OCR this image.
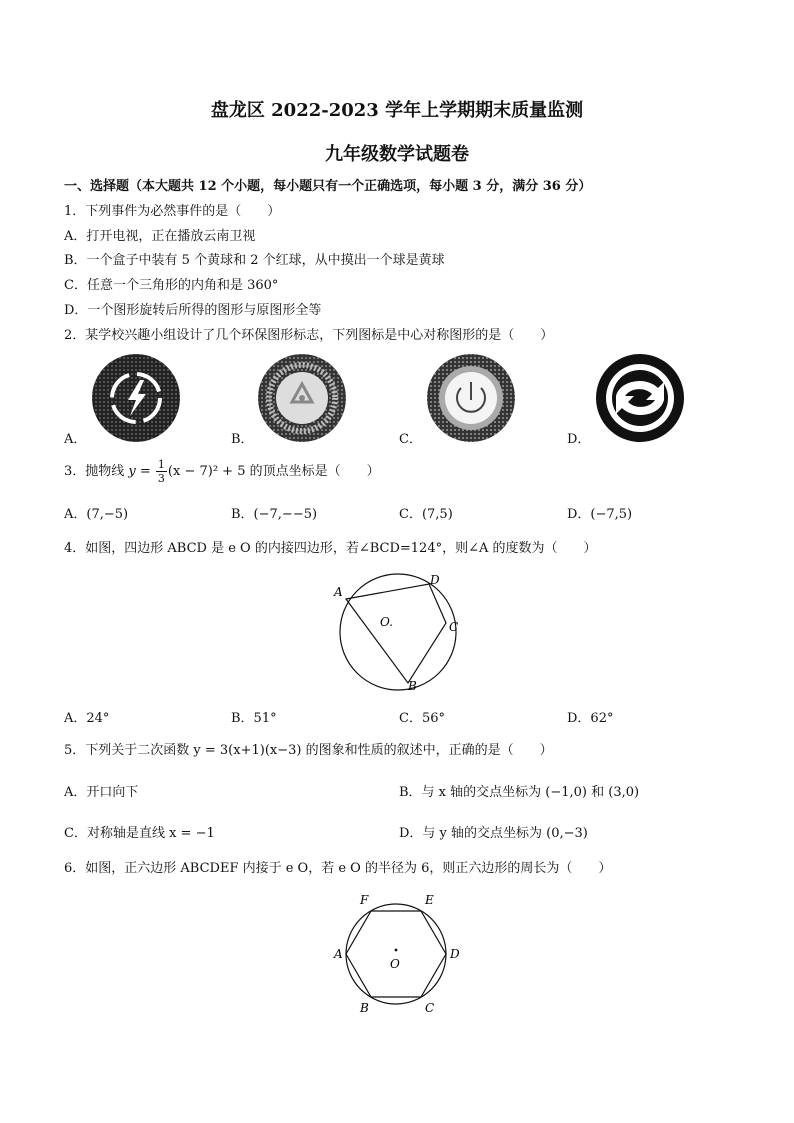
盘龙区 2022-2023 学年上学期期末质量监测
九年级数学试题卷
一、选择题（本大题共 12 个小题，每小题只有一个正确选项，每小题 3 分，满分 36 分）
1．下列事件为必然事件的是（　　）
A．打开电视，正在播放云南卫视
B．一个盒子中装有 5 个黄球和 2 个红球，从中摸出一个球是黄球
C．任意一个三角形的内角和是 360°
D．一个图形旋转后所得的图形与原图形全等
2．某学校兴趣小组设计了几个环保图形标志，下列图标是中心对称图形的是（　　）
A．	B．	C．	D．
3．抛物线 $y = \frac{1}{3} (x - 7)^2 + 5$ 的顶点坐标是（　　）
A．(7,−5)	B．(−7,−−5)	C．(7,5)	D．(−7,5)
4．如图，四边形 ABCD 是 e O 的内接四边形，若∠BCD=124°，则∠A 的度数为（　　）
A
D
C
B
O.
A．24°	B．51°	C．56°	D．62°
5．下列关于二次函数 y = 3(x+1)(x−3) 的图象和性质的叙述中，正确的是（　　）
A．开口向下	B．与 x 轴的交点坐标为 (−1,0) 和 (3,0)
C．对称轴是直线 x = −1	D．与 y 轴的交点坐标为 (0,−3)
6．如图，正六边形 ABCDEF 内接于 e O，若 e O 的半径为 6，则正六边形的周长为（　　）
F	E
A	D
B	C
O
